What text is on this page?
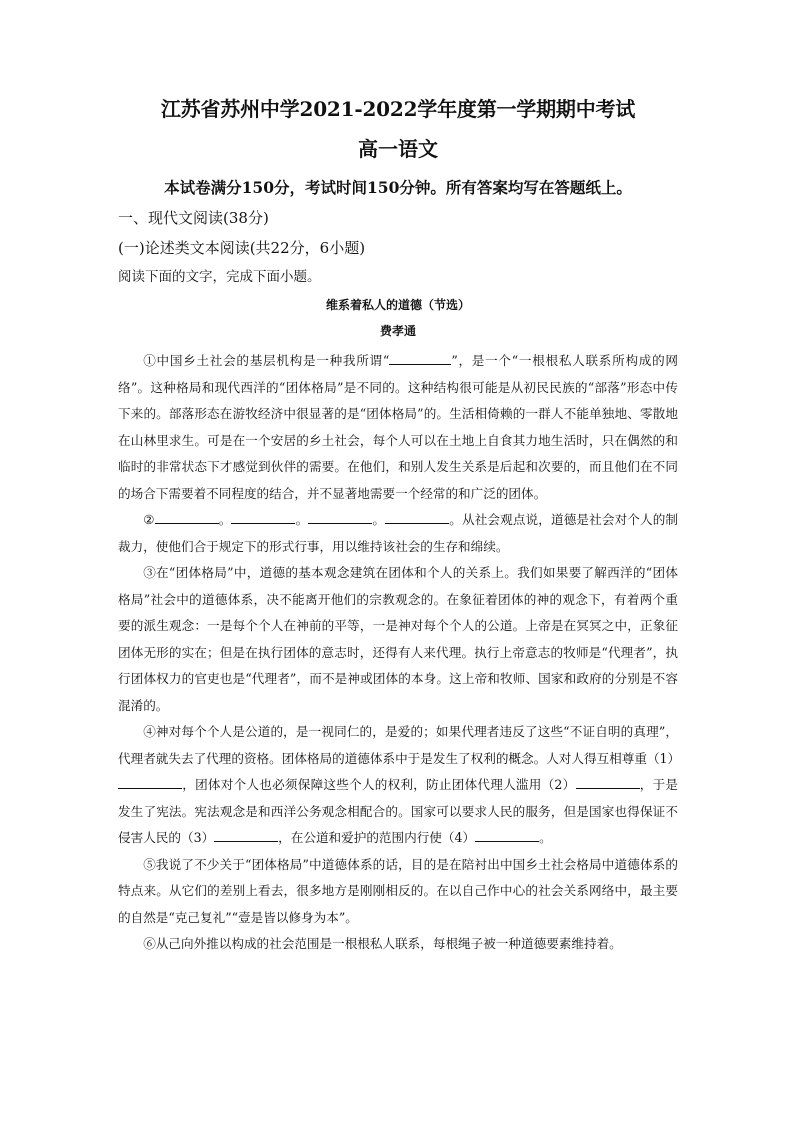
江苏省苏州中学2021-2022学年度第一学期期中考试
高一语文
本试卷满分150分，考试时间150分钟。所有答案均写在答题纸上。
一、现代文阅读(38分)
(一)论述类文本阅读(共22分，6小题)
阅读下面的文字，完成下面小题。
维系着私人的道德（节选）
费孝通

①中国乡土社会的基层机构是一种我所谓“	”，是一个“一根根私人联系所构成的网络”。这种格局和现代西洋的“团体格局”是不同的。这种结构很可能是从初民民族的“部落”形态中传下来的。部落形态在游牧经济中很显著的是“团体格局”的。生活相倚赖的一群人不能单独地、零散地在山林里求生。可是在一个安居的乡土社会，每个人可以在土地上自食其力地生活时，只在偶然的和临时的非常状态下才感觉到伙伴的需要。在他们，和别人发生关系是后起和次要的，而且他们在不同的场合下需要着不同程度的结合，并不显著地需要一个经常的和广泛的团体。

②	。	。	。	。从社会观点说，道德是社会对个人的制裁力，使他们合于规定下的形式行事，用以维持该社会的生存和绵续。

③在“团体格局”中，道德的基本观念建筑在团体和个人的关系上。我们如果要了解西洋的“团体格局”社会中的道德体系，决不能离开他们的宗教观念的。在象征着团体的神的观念下，有着两个重要的派生观念：一是每个个人在神前的平等，一是神对每个个人的公道。上帝是在冥冥之中，正象征团体无形的实在；但是在执行团体的意志时，还得有人来代理。执行上帝意志的牧师是“代理者”，执行团体权力的官吏也是“代理者”，而不是神或团体的本身。这上帝和牧师、国家和政府的分别是不容混淆的。

④神对每个个人是公道的，是一视同仁的，是爱的；如果代理者违反了这些“不证自明的真理”，代理者就失去了代理的资格。团体格局的道德体系中于是发生了权利的概念。人对人得互相尊重（1），团体对个人也必须保障这些个人的权利，防止团体代理人滥用（2）	，于是发生了宪法。宪法观念是和西洋公务观念相配合的。国家可以要求人民的服务，但是国家也得保证不侵害人民的（3）	，在公道和爱护的范围内行使（4）	。

⑤我说了不少关于“团体格局”中道德体系的话，目的是在陪衬出中国乡土社会格局中道德体系的特点来。从它们的差别上看去，很多地方是刚刚相反的。在以自己作中心的社会关系网络中，最主要的自然是“克己复礼”“壹是皆以修身为本”。

⑥从己向外推以构成的社会范围是一根根私人联系，每根绳子被一种道德要素维持着。
